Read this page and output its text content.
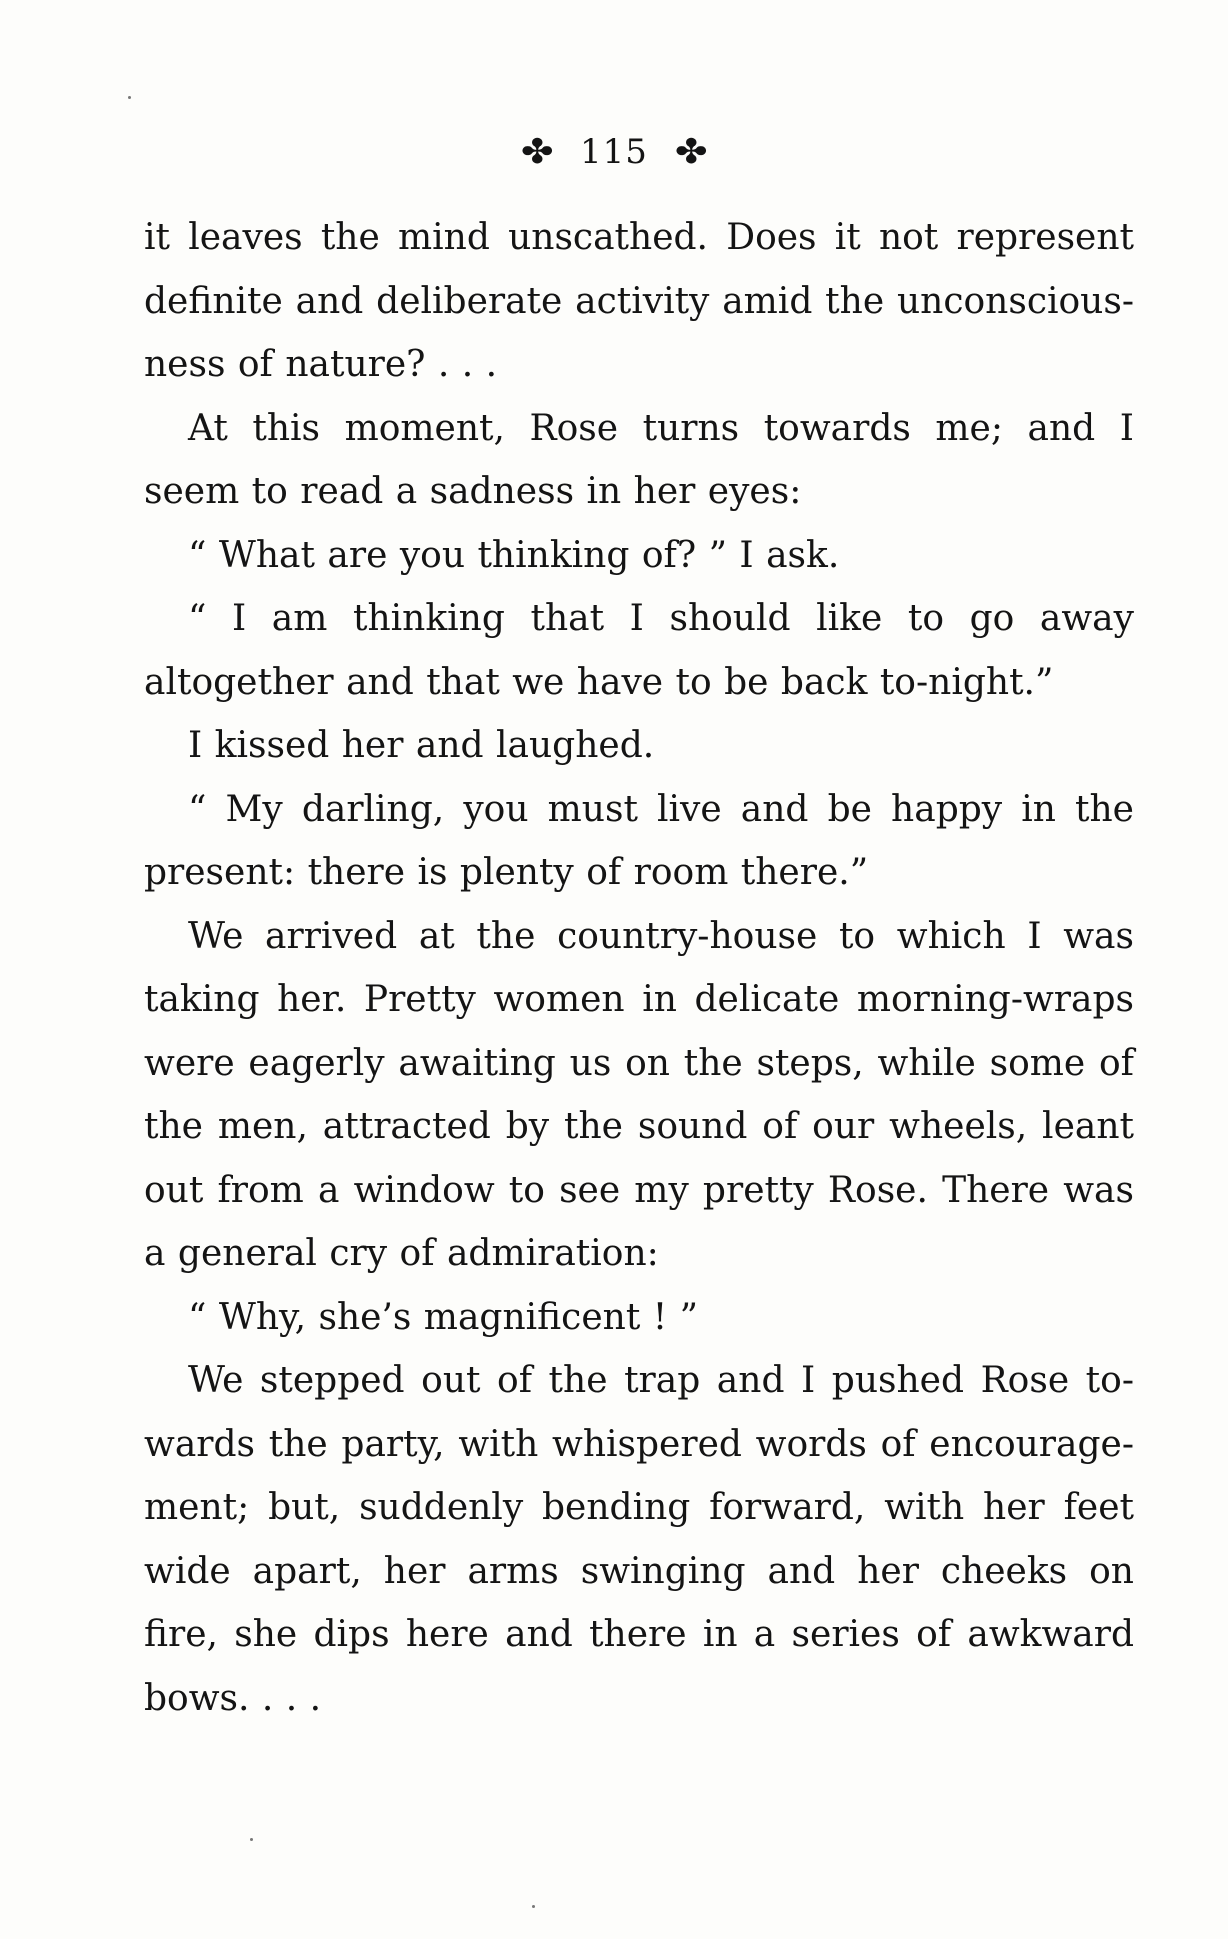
✤ 115 ✤

it leaves the mind unscathed. Does it not represent definite and deliberate activity amid the unconscious-ness of nature? . . .

At this moment, Rose turns towards me; and I seem to read a sadness in her eyes:

“ What are you thinking of? ” I ask.

“ I am thinking that I should like to go away altogether and that we have to be back to-night.”

I kissed her and laughed.

“ My darling, you must live and be happy in the present: there is plenty of room there.”

We arrived at the country-house to which I was taking her. Pretty women in delicate morning-wraps were eagerly awaiting us on the steps, while some of the men, attracted by the sound of our wheels, leant out from a window to see my pretty Rose. There was a general cry of admiration:

“ Why, she’s magnificent ! ”

We stepped out of the trap and I pushed Rose to-wards the party, with whispered words of encourage-ment; but, suddenly bending forward, with her feet wide apart, her arms swinging and her cheeks on fire, she dips here and there in a series of awkward bows. . . .
